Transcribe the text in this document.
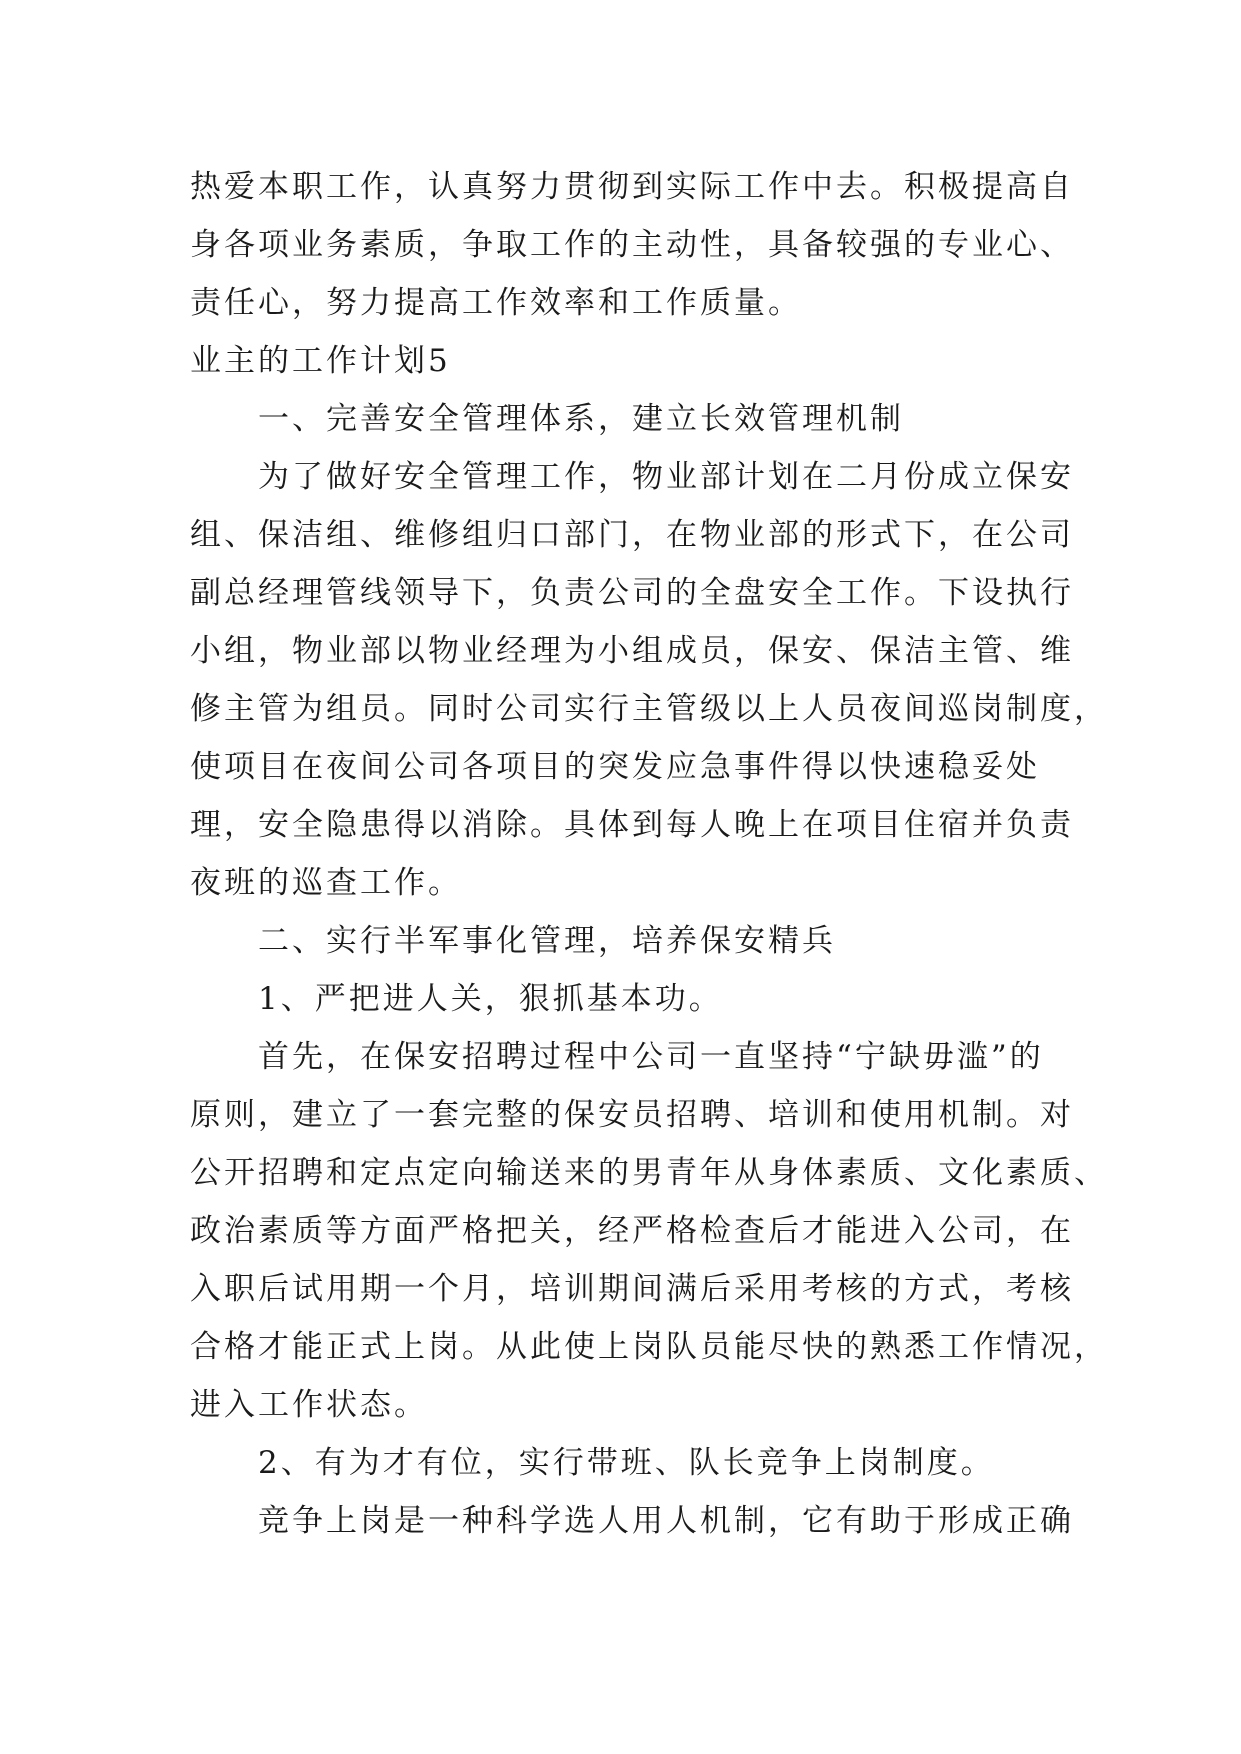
热爱本职工作，认真努力贯彻到实际工作中去。积极提高自
身各项业务素质，争取工作的主动性，具备较强的专业心、
责任心，努力提高工作效率和工作质量。
业主的工作计划5
一、完善安全管理体系，建立长效管理机制
为了做好安全管理工作，物业部计划在二月份成立保安
组、保洁组、维修组归口部门，在物业部的形式下，在公司
副总经理管线领导下，负责公司的全盘安全工作。下设执行
小组，物业部以物业经理为小组成员，保安、保洁主管、维
修主管为组员。同时公司实行主管级以上人员夜间巡岗制度，
使项目在夜间公司各项目的突发应急事件得以快速稳妥处
理，安全隐患得以消除。具体到每人晚上在项目住宿并负责
夜班的巡查工作。
二、实行半军事化管理，培养保安精兵
1、严把进人关，狠抓基本功。
首先，在保安招聘过程中公司一直坚持“宁缺毋滥”的
原则，建立了一套完整的保安员招聘、培训和使用机制。对
公开招聘和定点定向输送来的男青年从身体素质、文化素质、
政治素质等方面严格把关，经严格检查后才能进入公司，在
入职后试用期一个月，培训期间满后采用考核的方式，考核
合格才能正式上岗。从此使上岗队员能尽快的熟悉工作情况，
进入工作状态。
2、有为才有位，实行带班、队长竞争上岗制度。
竞争上岗是一种科学选人用人机制，它有助于形成正确
